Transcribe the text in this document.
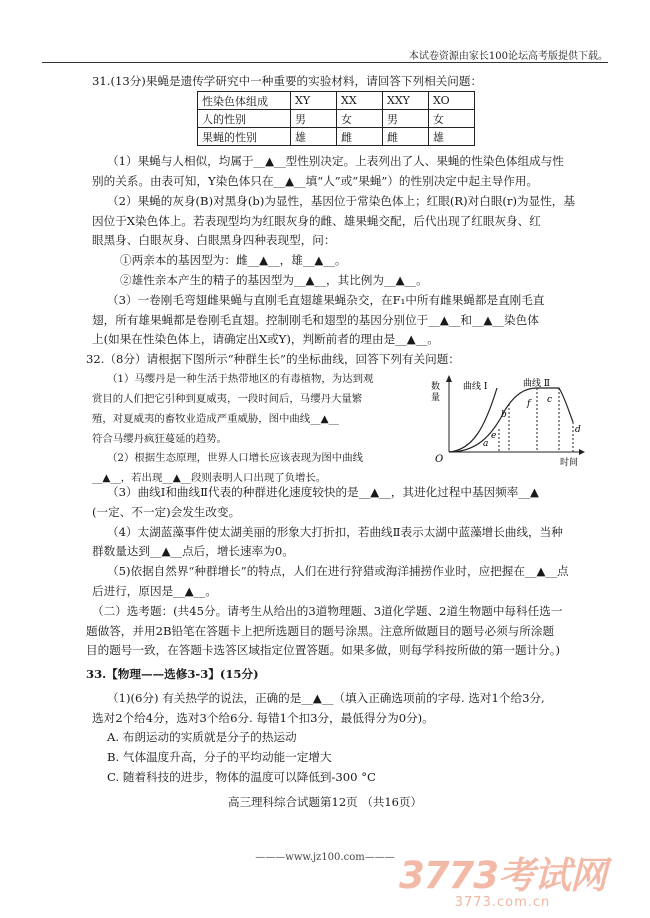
本试卷资源由家长100论坛高考版提供下载。
31.(13分)果蝇是遗传学研究中一种重要的实验材料，请回答下列相关问题：
性染色体组成	XY	XX	XXY	XO
人的性别	男	女	男	女
果蝇的性别	雄	雌	雌	雄
（1）果蝇与人相似，均属于__▲__型性别决定。上表列出了人、果蝇的性染色体组成与性
别的关系。由表可知，Y染色体只在__▲__填“人”或“果蝇”）的性别决定中起主导作用。
（2）果蝇的灰身(B)对黑身(b)为显性，基因位于常染色体上；红眼(R)对白眼(r)为显性，基
因位于X染色体上。若表现型均为红眼灰身的雌、雄果蝇交配，后代出现了红眼灰身、红
眼黑身、白眼灰身、白眼黑身四种表现型，问：
①两亲本的基因型为：雌__▲__，雄__▲__。
②雄性亲本产生的精子的基因型为__▲__，其比例为__▲__。
（3）一卷刚毛弯翅雌果蝇与直刚毛直翅雄果蝇杂交，在F₁中所有雌果蝇都是直刚毛直
翅，所有雄果蝇都是卷刚毛直翅。控制刚毛和翅型的基因分别位于__▲__和__▲__染色体
上(如果在性染色体上，请确定出X或Y)，判断前者的理由是__▲__。
32.（8分）请根据下图所示“种群生长”的坐标曲线，回答下列有关问题：
（1）马缨丹是一种生活于热带地区的有毒植物，为达到观
赏目的人们把它引种到夏威夷，一段时间后，马缨丹大量繁
殖，对夏威夷的畜牧业造成严重威胁，图中曲线__▲__
符合马缨丹疯狂蔓延的趋势。
（2）根据生态原理，世界人口增长应该表现为图中曲线
__▲__，若出现__▲__段则表明人口出现了负增长。
数
量
O	时间
曲线 Ⅰ	曲线 Ⅱ
a
b
c
d
e
f
（3）曲线Ⅰ和曲线Ⅱ代表的种群进化速度较快的是__▲__，其进化过程中基因频率__▲
(一定、不一定)会发生改变。
（4）太湖蓝藻事件使太湖美丽的形象大打折扣，若曲线Ⅱ表示太湖中蓝藻增长曲线，当种
群数量达到__▲__点后，增长速率为0。
（5)依据自然界“种群增长”的特点，人们在进行狩猎或海洋捕捞作业时，应把握在__▲__点
后进行，原因是__▲__。
（二）选考题：(共45分。请考生从给出的3道物理题、3道化学题、2道生物题中每科任选一
题做答，并用2B铅笔在答题卡上把所选题目的题号涂黑。注意所做题目的题号必须与所涂题
目的题号一致，在答题卡选答区域指定位置答题。如果多做，则每学科按所做的第一题计分。)
33.【物理——选修3-3】(15分)
（1)(6分) 有关热学的说法，正确的是__▲__（填入正确选项前的字母. 选对1个给3分,
选对2个给4分，选对3个给6分. 每错1个扣3分，最低得分为0分)。
A. 布朗运动的实质就是分子的热运动
B. 气体温度升高，分子的平均动能一定增大
C. 随着科技的进步，物体的温度可以降低到-300 °C
高三理科综合试题第12页 （共16页）
———www.jz100.com——— 3773考试网
3773.com.cn
